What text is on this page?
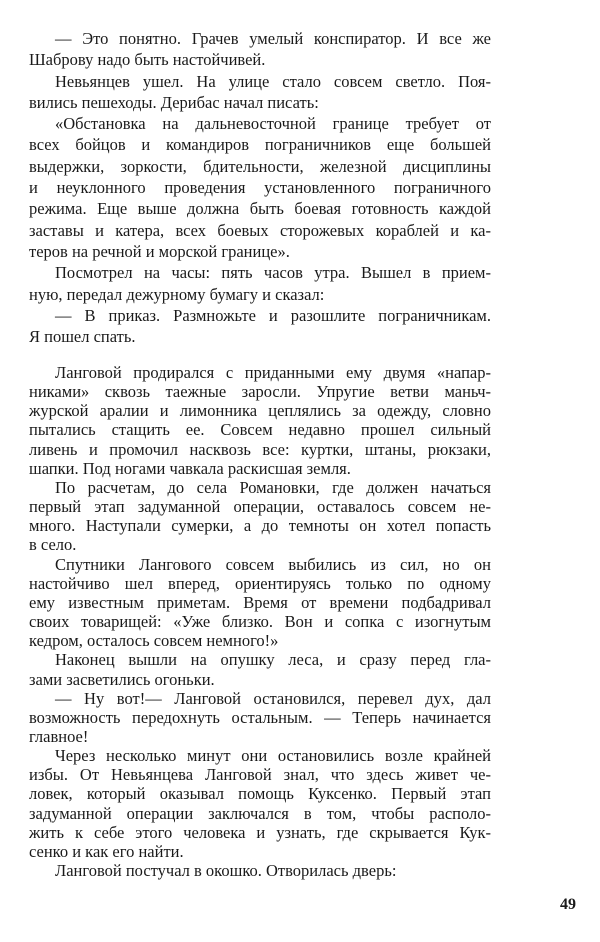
— Это понятно. Грачев умелый конспиратор. И все же
Шаброву надо быть настойчивей.
Невьянцев ушел. На улице стало совсем светло. Поя-
вились пешеходы. Дерибас начал писать:
«Обстановка на дальневосточной границе требует от
всех бойцов и командиров пограничников еще большей
выдержки, зоркости, бдительности, железной дисциплины
и неуклонного проведения установленного пограничного
режима. Еще выше должна быть боевая готовность каждой
заставы и катера, всех боевых сторожевых кораблей и ка-
теров на речной и морской границе».
Посмотрел на часы: пять часов утра. Вышел в прием-
ную, передал дежурному бумагу и сказал:
— В приказ. Размножьте и разошлите пограничникам.
Я пошел спать.
Ланговой продирался с приданными ему двумя «напар-
никами» сквозь таежные заросли. Упругие ветви маньч-
журской аралии и лимонника цеплялись за одежду, словно
пытались стащить ее. Совсем недавно прошел сильный
ливень и промочил насквозь все: куртки, штаны, рюкзаки,
шапки. Под ногами чавкала раскисшая земля.
По расчетам, до села Романовки, где должен начаться
первый этап задуманной операции, оставалось совсем не-
много. Наступали сумерки, а до темноты он хотел попасть
в село.
Спутники Лангового совсем выбились из сил, но он
настойчиво шел вперед, ориентируясь только по одному
ему известным приметам. Время от времени подбадривал
своих товарищей: «Уже близко. Вон и сопка с изогнутым
кедром, осталось совсем немного!»
Наконец вышли на опушку леса, и сразу перед гла-
зами засветились огоньки.
— Ну вот!— Ланговой остановился, перевел дух, дал
возможность передохнуть остальным. — Теперь начинается
главное!
Через несколько минут они остановились возле крайней
избы. От Невьянцева Ланговой знал, что здесь живет че-
ловек, который оказывал помощь Куксенко. Первый этап
задуманной операции заключался в том, чтобы располо-
жить к себе этого человека и узнать, где скрывается Кук-
сенко и как его найти.
Ланговой постучал в окошко. Отворилась дверь:
49
